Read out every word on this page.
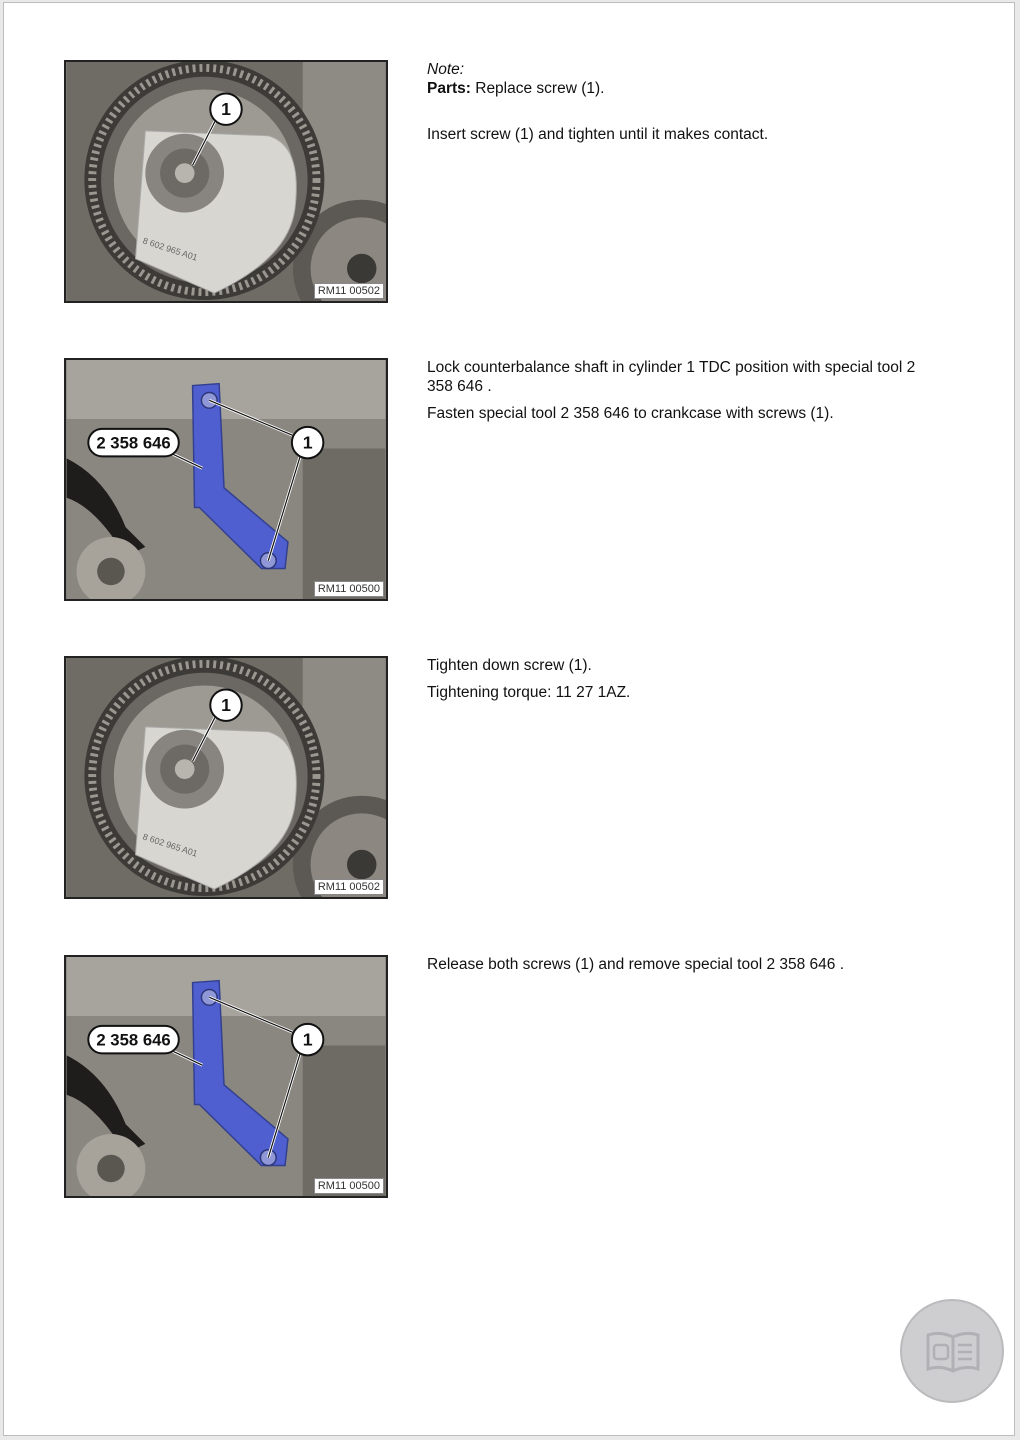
8 602 965 A01
1
RM11 00502

Note:

Parts: Replace screw (1).

Insert screw (1) and tighten until it makes contact.

1
2 358 646
RM11 00500

Lock counterbalance shaft in cylinder 1 TDC position with special tool 2 358 646 .

Fasten special tool 2 358 646 to crankcase with screws (1).

8 602 965 A01
1
RM11 00502

Tighten down screw (1).

Tightening torque: 11 27 1AZ.

1
2 358 646
RM11 00500

Release both screws (1) and remove special tool 2 358 646 .
